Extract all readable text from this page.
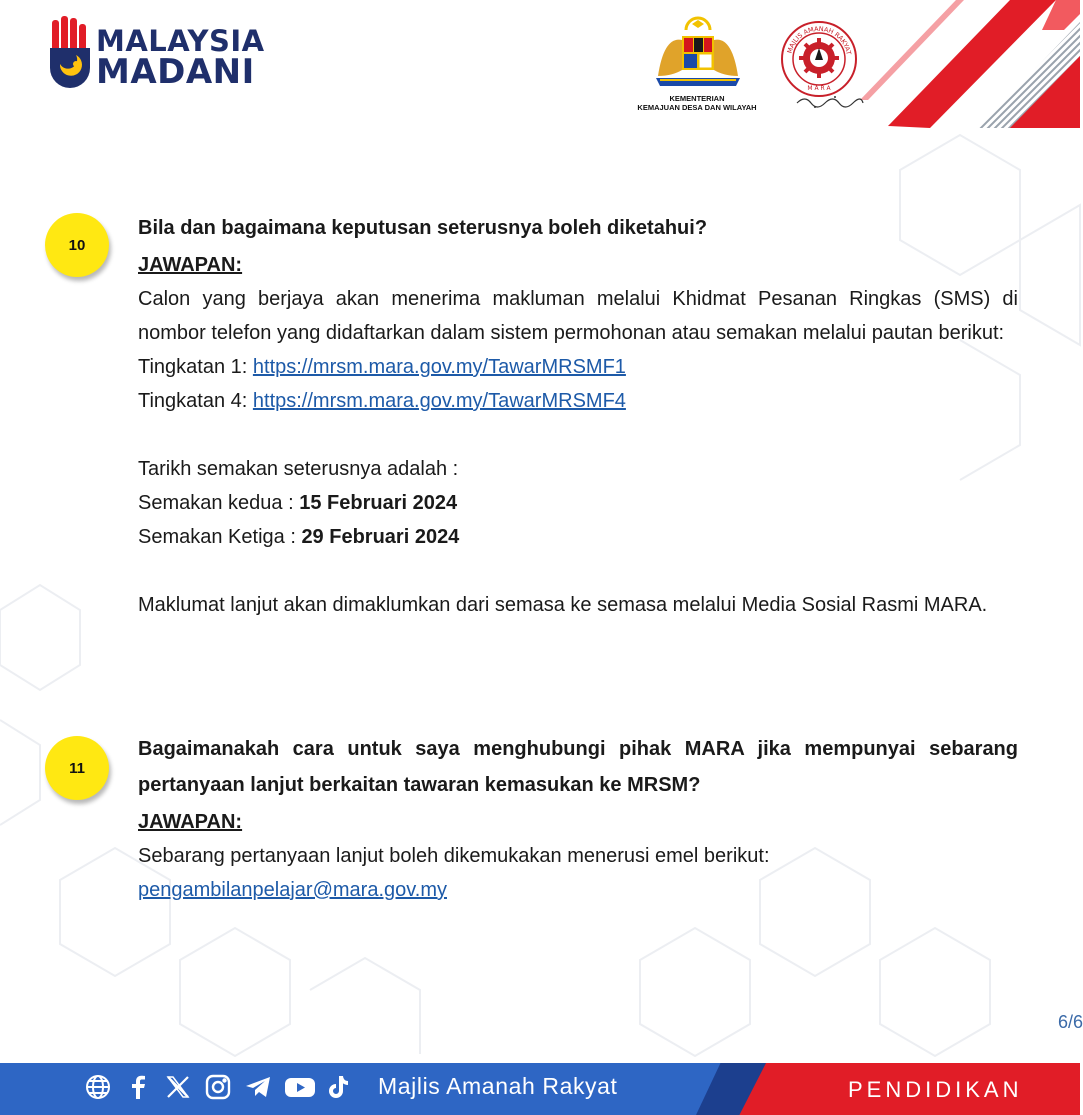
MALAYSIA
MADANI
KEMENTERIAN
KEMAJUAN DESA DAN WILAYAH
MAJLIS AMANAH RAKYAT
M A R A
10
Bila dan bagaimana keputusan seterusnya boleh diketahui?
JAWAPAN:
Calon yang berjaya akan menerima makluman melalui Khidmat Pesanan Ringkas (SMS) di nombor telefon yang didaftarkan dalam sistem permohonan atau semakan melalui pautan berikut:
Tingkatan 1: https://mrsm.mara.gov.my/TawarMRSMF1
Tingkatan 4: https://mrsm.mara.gov.my/TawarMRSMF4
Tarikh semakan seterusnya adalah :
Semakan kedua : 15 Februari 2024
Semakan Ketiga : 29 Februari 2024
Maklumat lanjut akan dimaklumkan dari semasa ke semasa melalui Media Sosial Rasmi MARA.
11
Bagaimanakah cara untuk saya menghubungi pihak MARA jika mempunyai sebarang pertanyaan lanjut berkaitan tawaran kemasukan ke MRSM?
JAWAPAN:
Sebarang pertanyaan lanjut boleh dikemukakan menerusi emel berikut:
pengambilanpelajar@mara.gov.my
6/6
Majlis Amanah Rakyat	PENDIDIKAN
